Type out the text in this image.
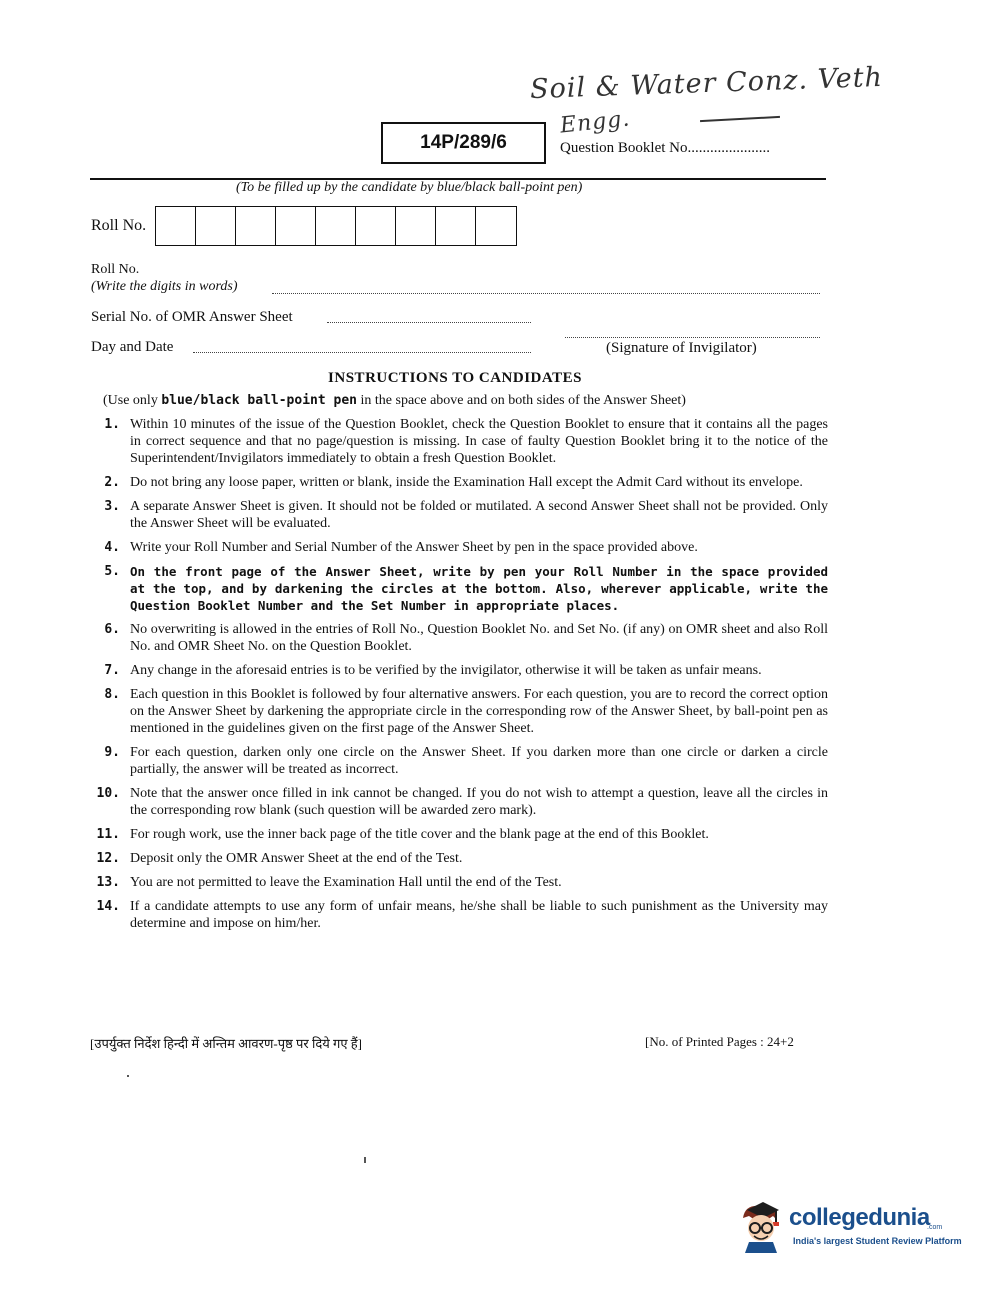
Soil & Water Conz. Veth
Engg.
14P/289/6	Question Booklet No......................
(To be filled up by the candidate by blue/black ball-point pen)
Roll No.
Roll No.
(Write the digits in words)
Serial No. of OMR Answer Sheet
Day and Date	(Signature of Invigilator)
INSTRUCTIONS TO CANDIDATES
(Use only blue/black ball-point pen in the space above and on both sides of the Answer Sheet)
1. Within 10 minutes of the issue of the Question Booklet, check the Question Booklet to ensure that it contains all the pages in correct sequence and that no page/question is missing. In case of faulty Question Booklet bring it to the notice of the Superintendent/Invigilators immediately to obtain a fresh Question Booklet.
2. Do not bring any loose paper, written or blank, inside the Examination Hall except the Admit Card without its envelope.
3. A separate Answer Sheet is given. It should not be folded or mutilated. A second Answer Sheet shall not be provided. Only the Answer Sheet will be evaluated.
4. Write your Roll Number and Serial Number of the Answer Sheet by pen in the space provided above.
5. On the front page of the Answer Sheet, write by pen your Roll Number in the space provided at the top, and by darkening the circles at the bottom. Also, wherever applicable, write the Question Booklet Number and the Set Number in appropriate places.
6. No overwriting is allowed in the entries of Roll No., Question Booklet No. and Set No. (if any) on OMR sheet and also Roll No. and OMR Sheet No. on the Question Booklet.
7. Any change in the aforesaid entries is to be verified by the invigilator, otherwise it will be taken as unfair means.
8. Each question in this Booklet is followed by four alternative answers. For each question, you are to record the correct option on the Answer Sheet by darkening the appropriate circle in the corresponding row of the Answer Sheet, by ball-point pen as mentioned in the guidelines given on the first page of the Answer Sheet.
9. For each question, darken only one circle on the Answer Sheet. If you darken more than one circle or darken a circle partially, the answer will be treated as incorrect.
10. Note that the answer once filled in ink cannot be changed. If you do not wish to attempt a question, leave all the circles in the corresponding row blank (such question will be awarded zero mark).
11. For rough work, use the inner back page of the title cover and the blank page at the end of this Booklet.
12. Deposit only the OMR Answer Sheet at the end of the Test.
13. You are not permitted to leave the Examination Hall until the end of the Test.
14. If a candidate attempts to use any form of unfair means, he/she shall be liable to such punishment as the University may determine and impose on him/her.
[उपर्युक्त निर्देश हिन्दी में अन्तिम आवरण-पृष्ठ पर दिये गए हैं]	[No. of Printed Pages : 24+2
collegedunia
.com
India's largest Student Review Platform
